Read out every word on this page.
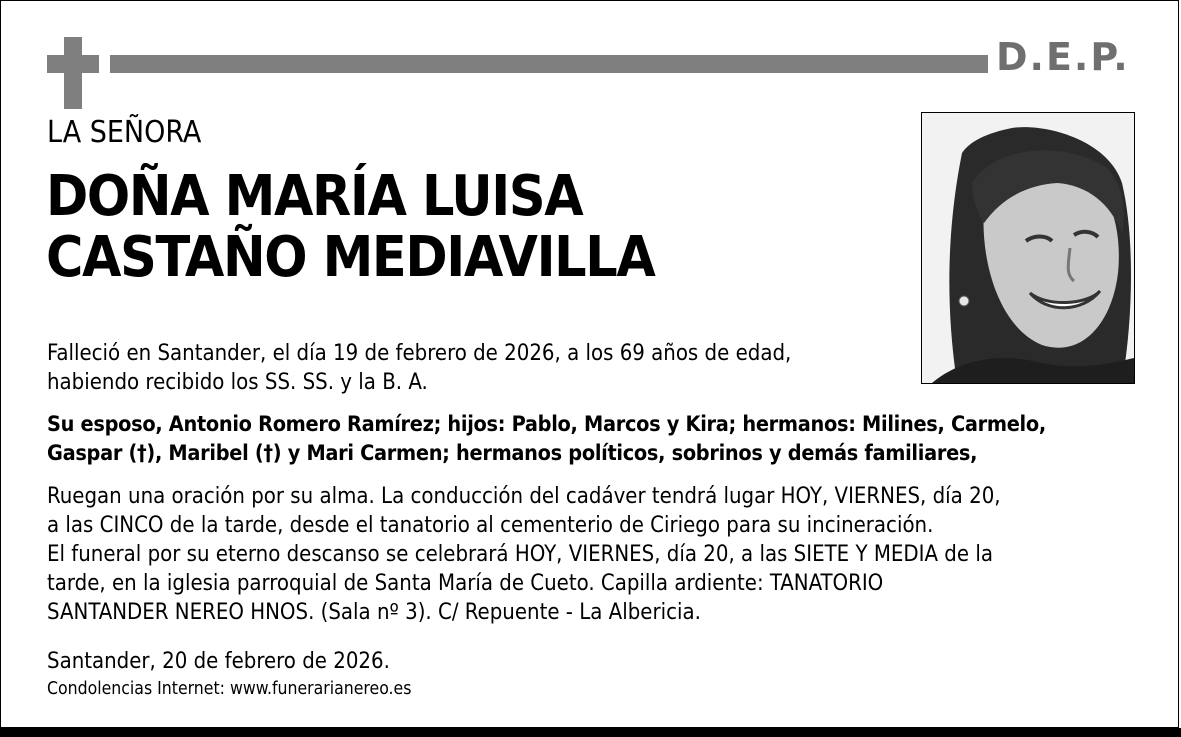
D.E.P.
LA SEÑORA
DOÑA MARÍA LUISA
CASTAÑO MEDIAVILLA
Falleció en Santander, el día 19 de febrero de 2026, a los 69 años de edad,
habiendo recibido los SS. SS. y la B. A.
Su esposo, Antonio Romero Ramírez; hijos: Pablo, Marcos y Kira; hermanos: Milines, Carmelo,
Gaspar (†), Maribel (†) y Mari Carmen; hermanos políticos, sobrinos y demás familiares,
Ruegan una oración por su alma. La conducción del cadáver tendrá lugar HOY, VIERNES, día 20,
a las CINCO de la tarde, desde el tanatorio al cementerio de Ciriego para su incineración.
El funeral por su eterno descanso se celebrará HOY, VIERNES, día 20, a las SIETE Y MEDIA de la
tarde, en la iglesia parroquial de Santa María de Cueto. Capilla ardiente: TANATORIO
SANTANDER NEREO HNOS. (Sala nº 3). C/ Repuente - La Albericia.
Santander, 20 de febrero de 2026.
Condolencias Internet: www.funerarianereo.es
